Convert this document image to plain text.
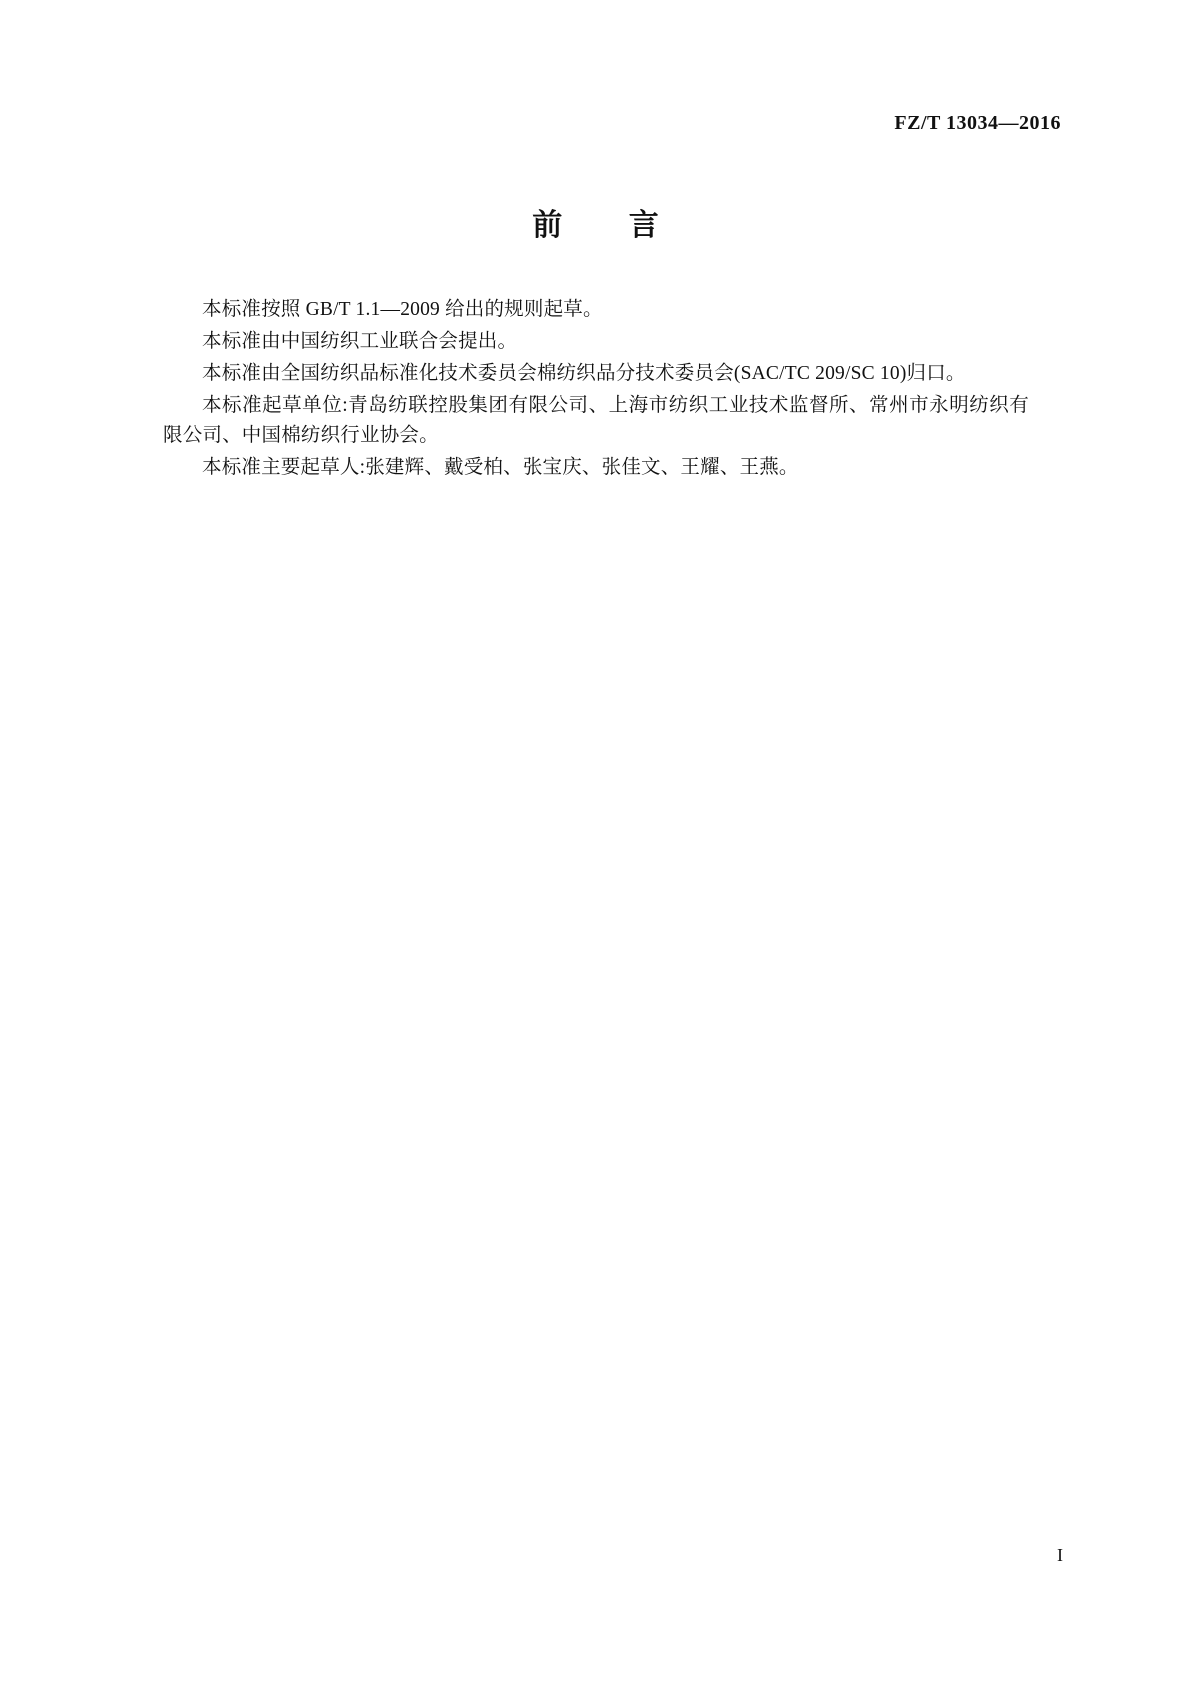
FZ/T 13034—2016
前 言

本标准按照 GB/T 1.1—2009 给出的规则起草。

本标准由中国纺织工业联合会提出。

本标准由全国纺织品标准化技术委员会棉纺织品分技术委员会(SAC/TC 209/SC 10)归口。

本标准起草单位:青岛纺联控股集团有限公司、上海市纺织工业技术监督所、常州市永明纺织有限公司、中国棉纺织行业协会。

本标准主要起草人:张建辉、戴受柏、张宝庆、张佳文、王耀、王燕。

I
